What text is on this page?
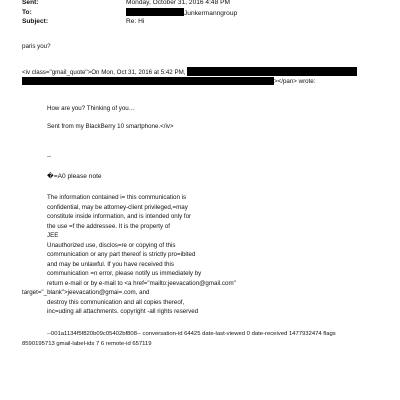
Sent:	Monday, October 31, 2016 4:48 PM
To:	Junkermanngroup
Subject:	Re: Hi
paris you?
<iv class="gmail_quote">On Mon, Oct 31, 2016 at 5:42 PM,
></pan> wrote:
How are you? Thinking of you…
Sent from my BlackBerry 10 smartphone.</iv>
--
�=A0 please note
The information contained i= this communication is
confidential, may be attorney-client privileged,=may
constitute inside information, and is intended only for
the use =f the addressee. It is the property of
JEE
Unauthorized use, disclos=re or copying of this
communication or any part thereof is strictly pro=ibited
and may be unlawful. If you have received this
communication =n error, please notify us immediately by
return e-mail or by e-mail to <a href="mailto:jeevacation@gmail.com"
target="_blank">jeevacation@gmai=.com, and
destroy this communication and all copies thereof,
inc=uding all attachments. copyright -all rights reserved
--001a1134f5f820b09c05402bf808-- conversation-id 64425 date-last-viewed 0 date-received 1477932474 flags
8590195713 gmail-label-ids 7 6 remote-id 657119
